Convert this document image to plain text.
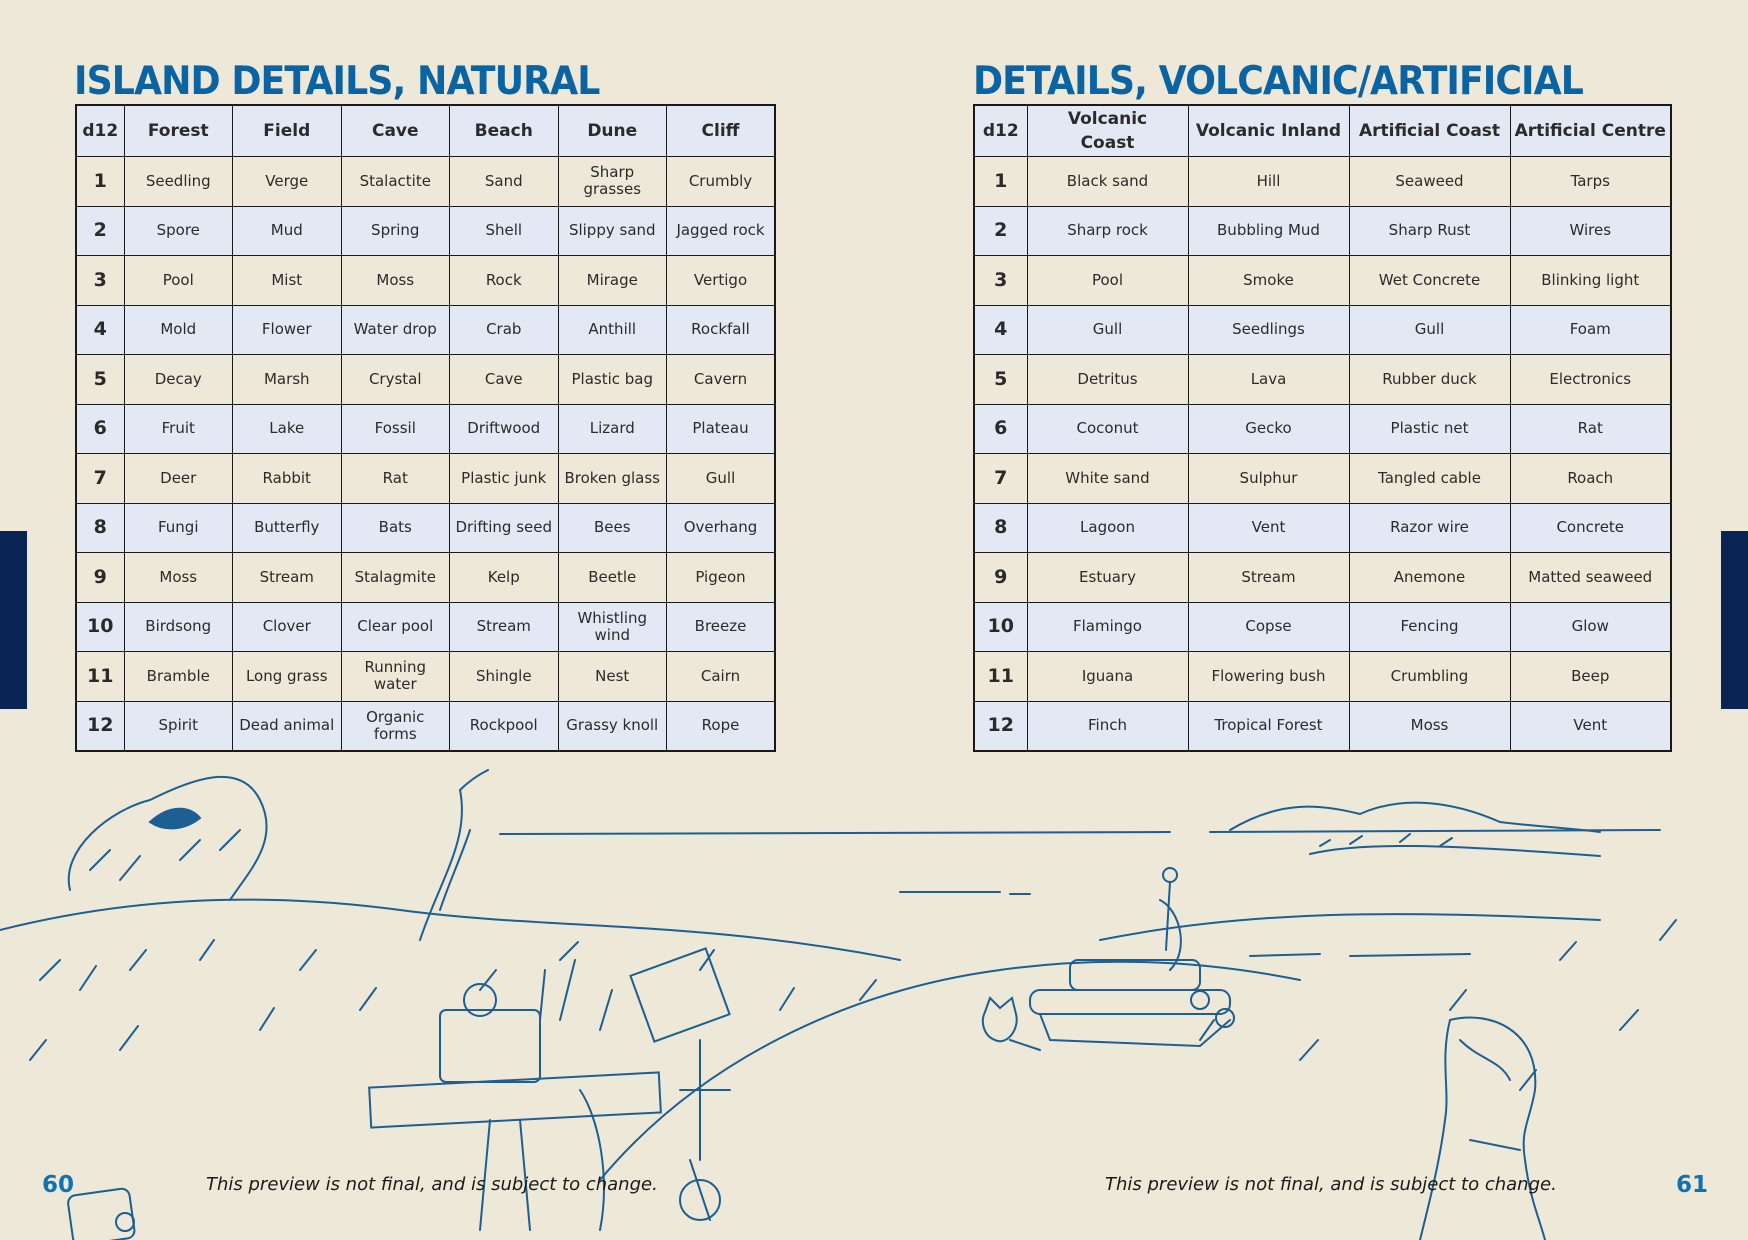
ISLAND DETAILS, NATURAL	DETAILS, VOLCANIC/ARTIFICIAL
d12	Forest	Field	Cave	Beach	Dune	Cliff
1	Seedling	Verge	Stalactite	Sand	Sharp grasses	Crumbly
2	Spore	Mud	Spring	Shell	Slippy sand	Jagged rock
3	Pool	Mist	Moss	Rock	Mirage	Vertigo
4	Mold	Flower	Water drop	Crab	Anthill	Rockfall
5	Decay	Marsh	Crystal	Cave	Plastic bag	Cavern
6	Fruit	Lake	Fossil	Driftwood	Lizard	Plateau
7	Deer	Rabbit	Rat	Plastic junk	Broken glass	Gull
8	Fungi	Butterfly	Bats	Drifting seed	Bees	Overhang
9	Moss	Stream	Stalagmite	Kelp	Beetle	Pigeon
10	Birdsong	Clover	Clear pool	Stream	Whistling wind	Breeze
11	Bramble	Long grass	Running water	Shingle	Nest	Cairn
12	Spirit	Dead animal	Organic forms	Rockpool	Grassy knoll	Rope
d12	Volcanic Coast	Volcanic Inland	Artificial Coast	Artificial Centre
1	Black sand	Hill	Seaweed	Tarps
2	Sharp rock	Bubbling Mud	Sharp Rust	Wires
3	Pool	Smoke	Wet Concrete	Blinking light
4	Gull	Seedlings	Gull	Foam
5	Detritus	Lava	Rubber duck	Electronics
6	Coconut	Gecko	Plastic net	Rat
7	White sand	Sulphur	Tangled cable	Roach
8	Lagoon	Vent	Razor wire	Concrete
9	Estuary	Stream	Anemone	Matted seaweed
10	Flamingo	Copse	Fencing	Glow
11	Iguana	Flowering bush	Crumbling	Beep
12	Finch	Tropical Forest	Moss	Vent
60	61
This preview is not final, and is subject to change.	This preview is not final, and is subject to change.
